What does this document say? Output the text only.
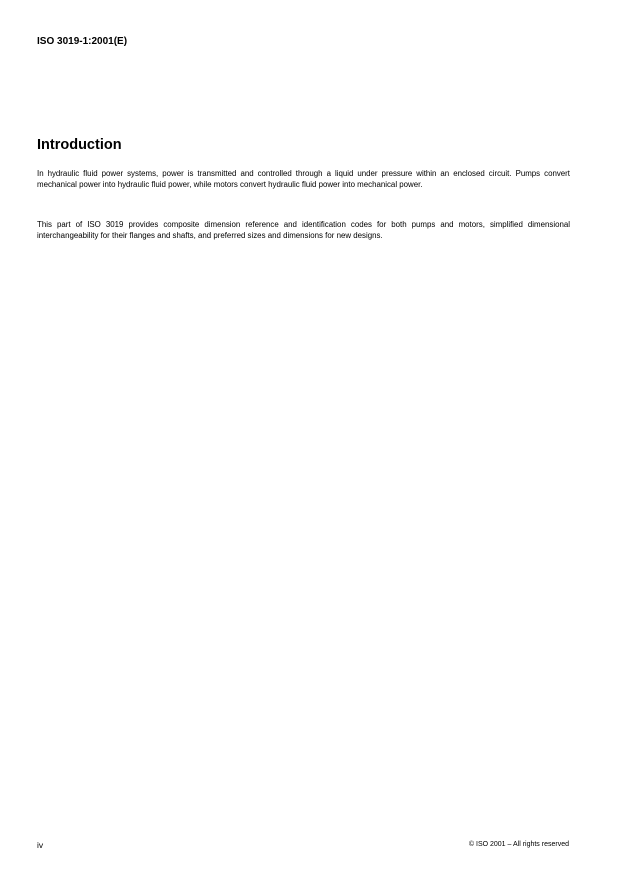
ISO 3019-1:2001(E)
Introduction

In hydraulic fluid power systems, power is transmitted and controlled through a liquid under pressure within an enclosed circuit. Pumps convert mechanical power into hydraulic fluid power, while motors convert hydraulic fluid power into mechanical power.

This part of ISO 3019 provides composite dimension reference and identification codes for both pumps and motors, simplified dimensional interchangeability for their flanges and shafts, and preferred sizes and dimensions for new designs.

iv	© ISO 2001 – All rights reserved
